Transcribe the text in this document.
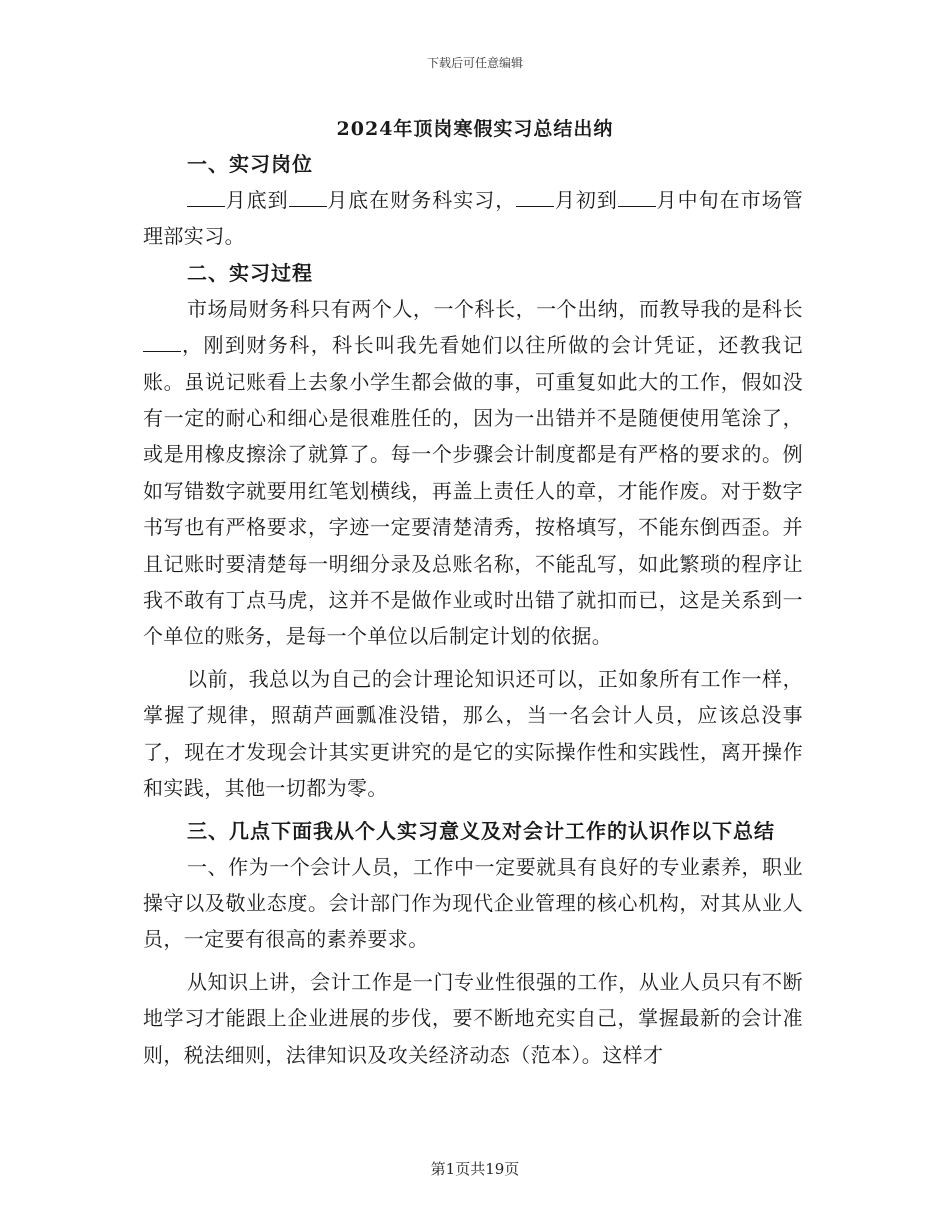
下载后可任意编辑
2024年顶岗寒假实习总结出纳

一、实习岗位

月底到 月底在财务科实习， 月初到 月中旬在市场管理部实习。

二、实习过程

市场局财务科只有两个人，一个科长，一个出纳，而教导我的是科长，刚到财务科，科长叫我先看她们以往所做的会计凭证，还教我记账。虽说记账看上去象小学生都会做的事，可重复如此大的工作，假如没有一定的耐心和细心是很难胜任的，因为一出错并不是随便使用笔涂了，或是用橡皮擦涂了就算了。每一个步骤会计制度都是有严格的要求的。例如写错数字就要用红笔划横线，再盖上责任人的章，才能作废。对于数字书写也有严格要求，字迹一定要清楚清秀，按格填写，不能东倒西歪。并且记账时要清楚每一明细分录及总账名称，不能乱写，如此繁琐的程序让我不敢有丁点马虎，这并不是做作业或时出错了就扣而已，这是关系到一个单位的账务，是每一个单位以后制定计划的依据。

以前，我总以为自己的会计理论知识还可以，正如象所有工作一样，掌握了规律，照葫芦画瓢准没错，那么，当一名会计人员，应该总没事了，现在才发现会计其实更讲究的是它的实际操作性和实践性，离开操作和实践，其他一切都为零。

三、几点下面我从个人实习意义及对会计工作的认识作以下总结

一、作为一个会计人员，工作中一定要就具有良好的专业素养，职业操守以及敬业态度。会计部门作为现代企业管理的核心机构，对其从业人员，一定要有很高的素养要求。

从知识上讲，会计工作是一门专业性很强的工作，从业人员只有不断地学习才能跟上企业进展的步伐，要不断地充实自己，掌握最新的会计准则，税法细则，法律知识及攻关经济动态（范本）。这样才

第1页共19页
